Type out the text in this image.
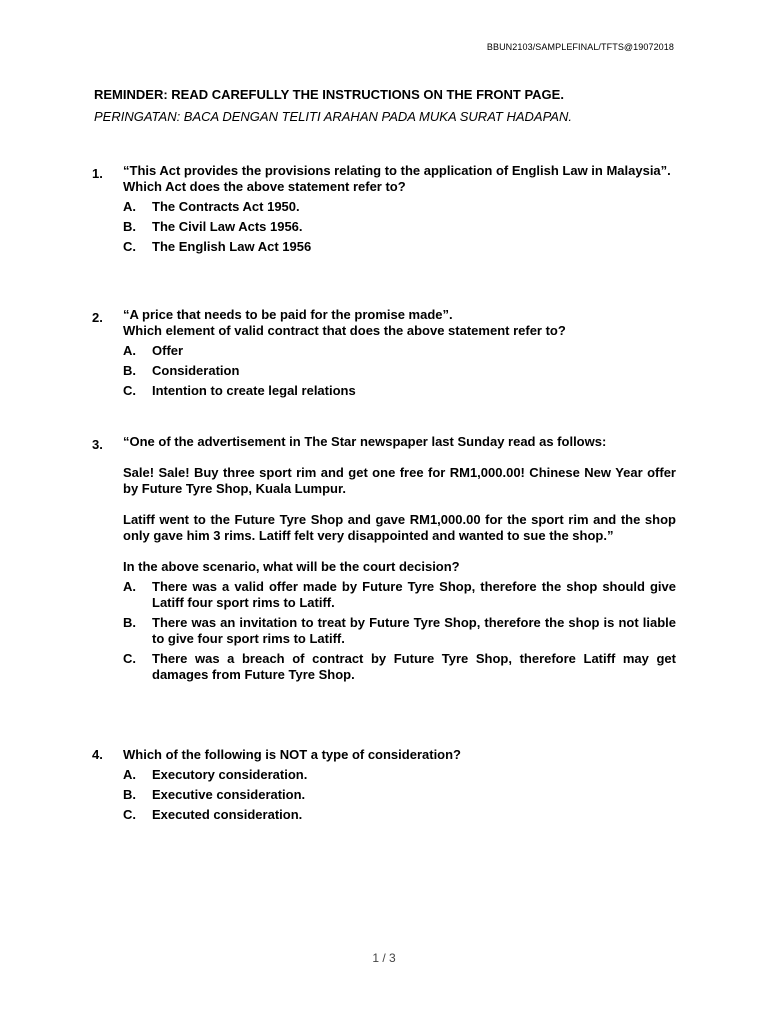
BBUN2103/SAMPLEFINAL/TFTS@19072018

REMINDER: READ CAREFULLY THE INSTRUCTIONS ON THE FRONT PAGE.

PERINGATAN: BACA DENGAN TELITI ARAHAN PADA MUKA SURAT HADAPAN.

1. “This Act provides the provisions relating to the application of English Law in Malaysia”.

Which Act does the above statement refer to?

A. The Contracts Act 1950.
B. The Civil Law Acts 1956.
C. The English Law Act 1956
2. “A price that needs to be paid for the promise made”.

Which element of valid contract that does the above statement refer to?

A. Offer
B. Consideration
C. Intention to create legal relations
3. “One of the advertisement in The Star newspaper last Sunday read as follows:

Sale! Sale! Buy three sport rim and get one free for RM1,000.00! Chinese New Year offer by Future Tyre Shop, Kuala Lumpur.

Latiff went to the Future Tyre Shop and gave RM1,000.00 for the sport rim and the shop only gave him 3 rims. Latiff felt very disappointed and wanted to sue the shop.”

In the above scenario, what will be the court decision?

A. There was a valid offer made by Future Tyre Shop, therefore the shop should give Latiff four sport rims to Latiff.
B. There was an invitation to treat by Future Tyre Shop, therefore the shop is not liable to give four sport rims to Latiff.
C. There was a breach of contract by Future Tyre Shop, therefore Latiff may get damages from Future Tyre Shop.
4. Which of the following is NOT a type of consideration?

A. Executory consideration.
B. Executive consideration.
C. Executed consideration.
1 / 3
